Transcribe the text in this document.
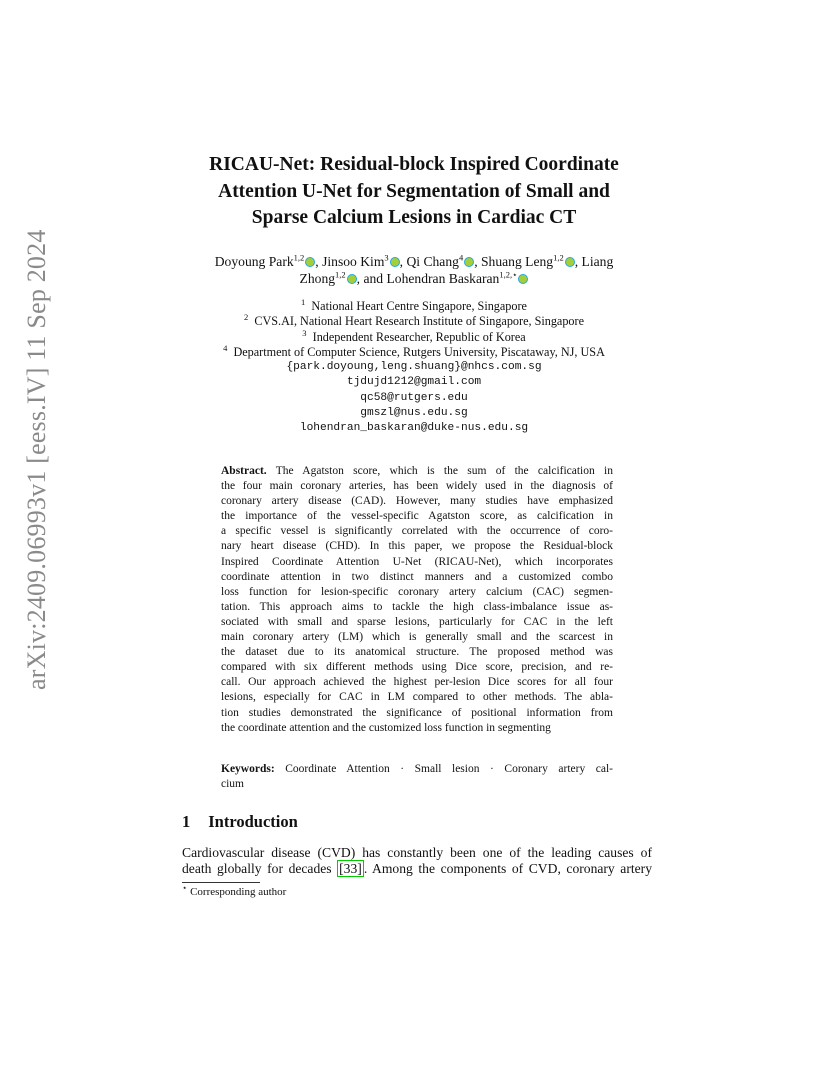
arXiv:2409.06993v1 [eess.IV] 11 Sep 2024
RICAU-Net: Residual-block Inspired Coordinate
Attention U-Net for Segmentation of Small and
Sparse Calcium Lesions in Cardiac CT
Doyoung Park$^{1,2}$ , Jinsoo Kim$^3$ , Qi Chang$^4$ , Shuang Leng$^{1,2}$ , Liang
Zhong$^{1,2}$ , and Lohendran Baskaran$^{1,2,⋆}$
$^1$ National Heart Centre Singapore, Singapore
$^2$ CVS.AI, National Heart Research Institute of Singapore, Singapore
$^3$ Independent Researcher, Republic of Korea
$^4$ Department of Computer Science, Rutgers University, Piscataway, NJ, USA
{park.doyoung,leng.shuang}@nhcs.com.sg
tjdujd1212@gmail.com
qc58@rutgers.edu
gmszl@nus.edu.sg
lohendran_baskaran@duke-nus.edu.sg
Abstract. The Agatston score, which is the sum of the calcification in
the four main coronary arteries, has been widely used in the diagnosis of
coronary artery disease (CAD). However, many studies have emphasized
the importance of the vessel-specific Agatston score, as calcification in
a specific vessel is significantly correlated with the occurrence of coro-
nary heart disease (CHD). In this paper, we propose the Residual-block
Inspired Coordinate Attention U-Net (RICAU-Net), which incorporates
coordinate attention in two distinct manners and a customized combo
loss function for lesion-specific coronary artery calcium (CAC) segmen-
tation. This approach aims to tackle the high class-imbalance issue as-
sociated with small and sparse lesions, particularly for CAC in the left
main coronary artery (LM) which is generally small and the scarcest in
the dataset due to its anatomical structure. The proposed method was
compared with six different methods using Dice score, precision, and re-
call. Our approach achieved the highest per-lesion Dice scores for all four
lesions, especially for CAC in LM compared to other methods. The abla-
tion studies demonstrated the significance of positional information from
the coordinate attention and the customized loss function in segmenting
Keywords: Coordinate Attention · Small lesion · Coronary artery cal-
cium
1 Introduction
Cardiovascular disease (CVD) has constantly been one of the leading causes of
death globally for decades [33] . Among the components of CVD, coronary artery
⋆ Corresponding author
